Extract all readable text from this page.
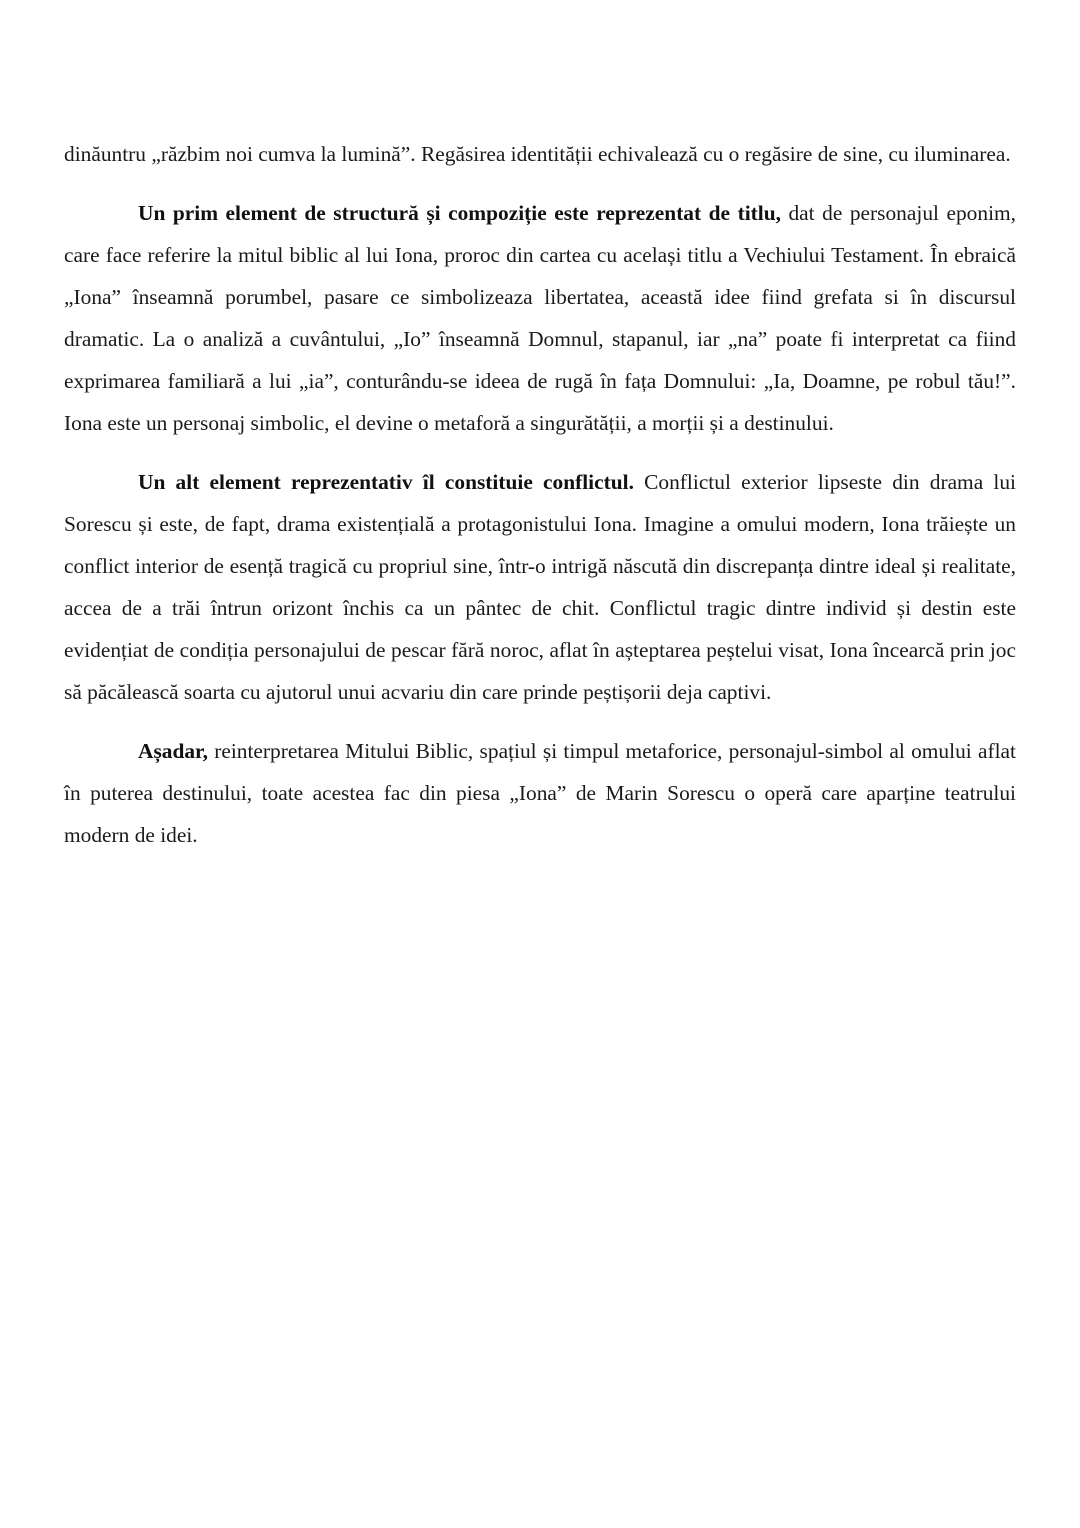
dinăuntru „răzbim noi cumva la lumină”. Regăsirea identității echivalează cu o regăsire de sine, cu iluminarea.

Un prim element de structură și compoziție este reprezentat de titlu, dat de personajul eponim, care face referire la mitul biblic al lui Iona, proroc din cartea cu același titlu a Vechiului Testament. În ebraică „Iona” înseamnă porumbel, pasare ce simbolizeaza libertatea, această idee fiind grefata si în discursul dramatic. La o analiză a cuvântului, „Io” înseamnă Domnul, stapanul, iar „na” poate fi interpretat ca fiind exprimarea familiară a lui „ia”, conturându-se ideea de rugă în fața Domnului: „Ia, Doamne, pe robul tău!”. Iona este un personaj simbolic, el devine o metaforă a singurătății, a morții și a destinului.

Un alt element reprezentativ îl constituie conflictul. Conflictul exterior lipseste din drama lui Sorescu și este, de fapt, drama existențială a protagonistului Iona. Imagine a omului modern, Iona trăiește un conflict interior de esență tragică cu propriul sine, într-o intrigă născută din discrepanța dintre ideal și realitate, accea de a trăi întrun orizont închis ca un pântec de chit. Conflictul tragic dintre individ și destin este evidențiat de condiția personajului de pescar fără noroc, aflat în așteptarea peștelui visat, Iona încearcă prin joc să păcălească soarta cu ajutorul unui acvariu din care prinde peștișorii deja captivi.

Așadar, reinterpretarea Mitului Biblic, spațiul și timpul metaforice, personajul-simbol al omului aflat în puterea destinului, toate acestea fac din piesa „Iona” de Marin Sorescu o operă care aparține teatrului modern de idei.
